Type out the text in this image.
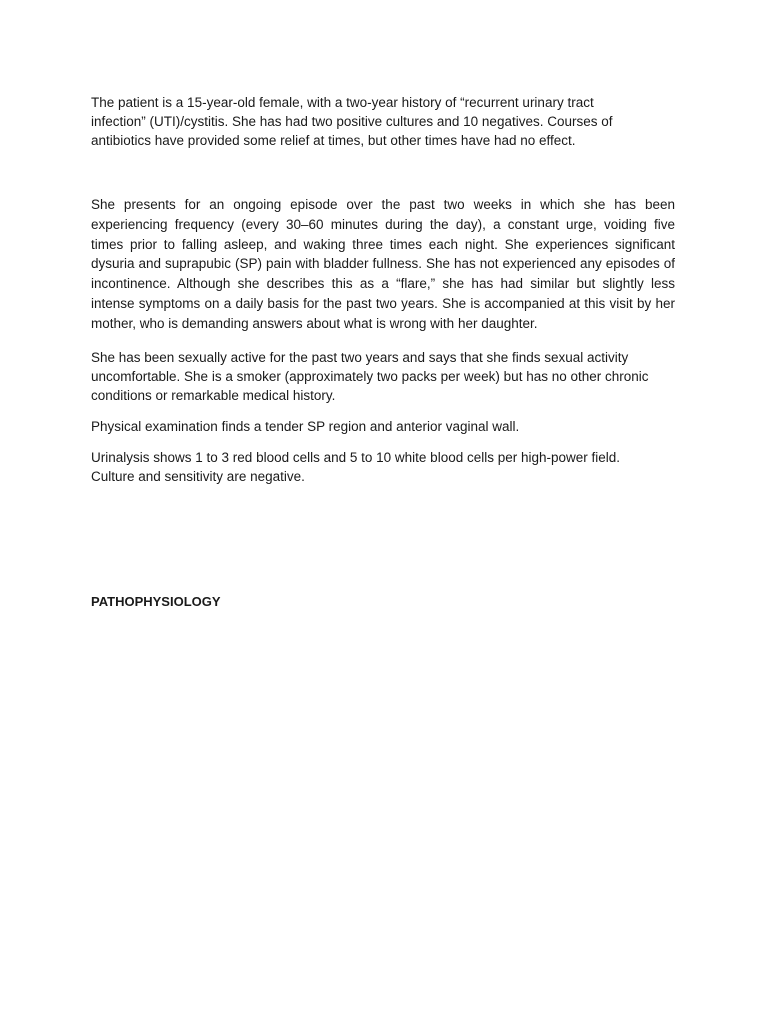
The patient is a 15-year-old female, with a two-year history of “recurrent urinary tract
infection” (UTI)/cystitis. She has had two positive cultures and 10 negatives. Courses of
antibiotics have provided some relief at times, but other times have had no effect.

She presents for an ongoing episode over the past two weeks in which she has been
experiencing frequency (every 30–60 minutes during the day), a constant urge, voiding five
times prior to falling asleep, and waking three times each night. She experiences significant
dysuria and suprapubic (SP) pain with bladder fullness. She has not experienced any episodes of
incontinence. Although she describes this as a “flare,” she has had similar but slightly less
intense symptoms on a daily basis for the past two years. She is accompanied at this visit by her
mother, who is demanding answers about what is wrong with her daughter.

She has been sexually active for the past two years and says that she finds sexual activity
uncomfortable. She is a smoker (approximately two packs per week) but has no other chronic
conditions or remarkable medical history.

Physical examination finds a tender SP region and anterior vaginal wall.

Urinalysis shows 1 to 3 red blood cells and 5 to 10 white blood cells per high-power field.
Culture and sensitivity are negative.

PATHOPHYSIOLOGY
